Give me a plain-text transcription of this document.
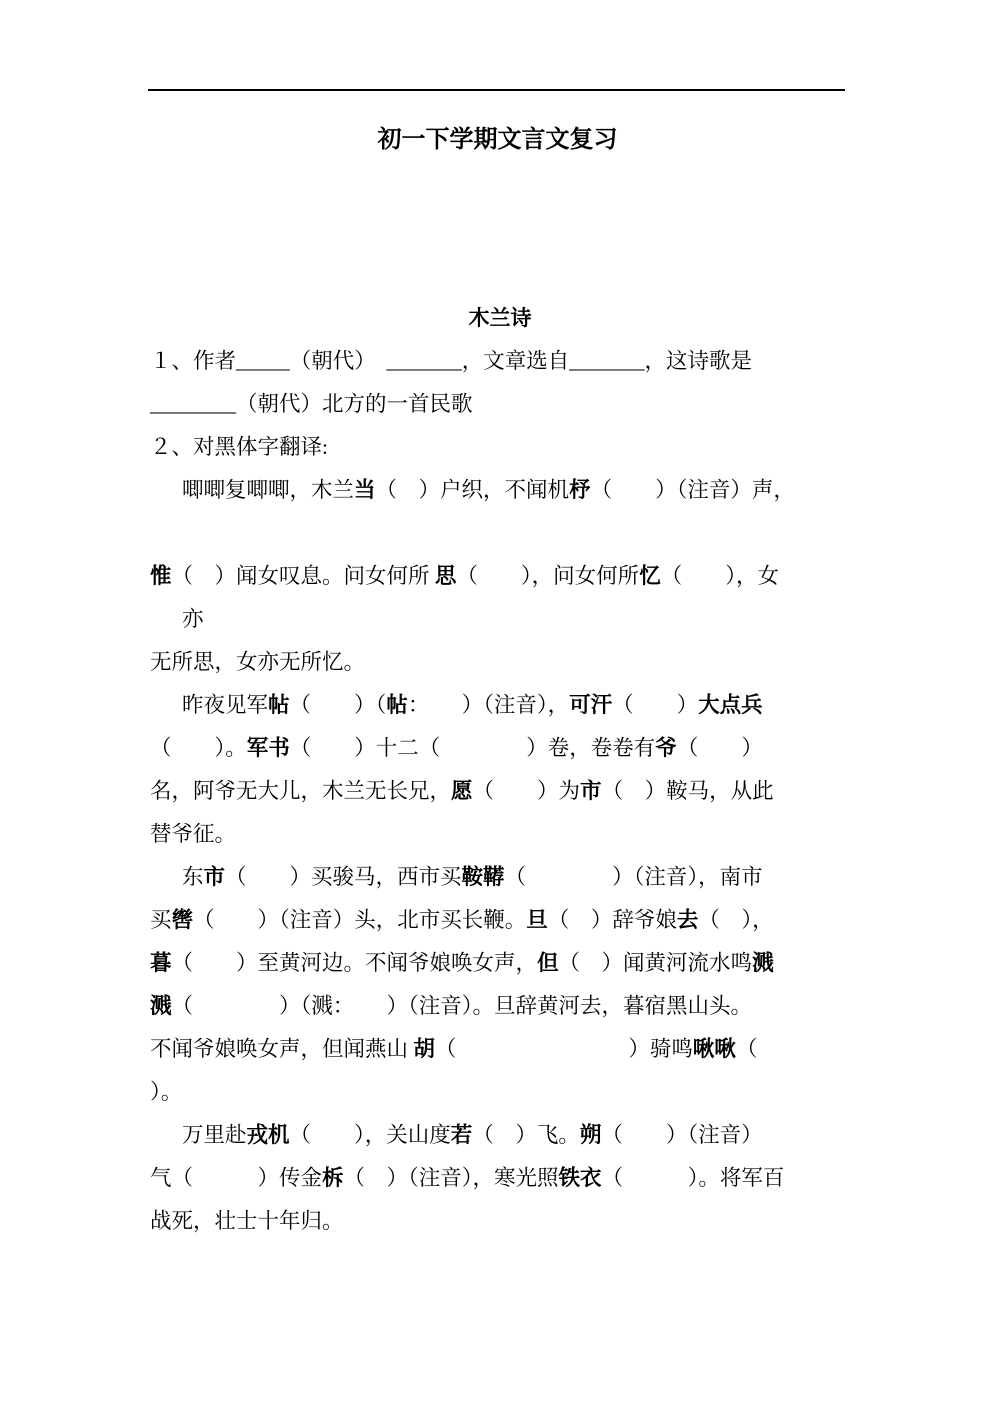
初一下学期文言文复习
木兰诗
１、作者_____（朝代）　_______，文章选自_______，这诗歌是
________（朝代）北方的一首民歌
２、对黑体字翻译:
唧唧复唧唧，木兰当（　）户织，不闻机杼（　　）（注音）声，
惟（　）闻女叹息。问女何所 思（　　），问女何所忆（　　），女
亦
无所思，女亦无所忆。
昨夜见军帖（　　）（帖：　　）（注音），可汗（　　）大点兵
（　　）。军书（　　）十二（　　　　）卷，卷卷有爷（　　）
名，阿爷无大儿，木兰无长兄，愿（　　）为市（　）鞍马，从此
替爷征。
东市（　　）买骏马，西市买鞍鞯（　　　　）（注音），南市
买辔（　　）（注音）头，北市买长鞭。旦（　）辞爷娘去（　），
暮（　　）至黄河边。不闻爷娘唤女声，但（　）闻黄河流水鸣溅
溅（　　　　）（溅：　　）（注音）。旦辞黄河去，暮宿黑山头。
不闻爷娘唤女声，但闻燕山 胡（　　　　　　　　）骑鸣啾啾（
）。
万里赴戎机（　　），关山度若（　）飞。朔（　　）（注音）
气（　　　）传金柝（　）（注音），寒光照铁衣（　　　）。将军百
战死，壮士十年归。
